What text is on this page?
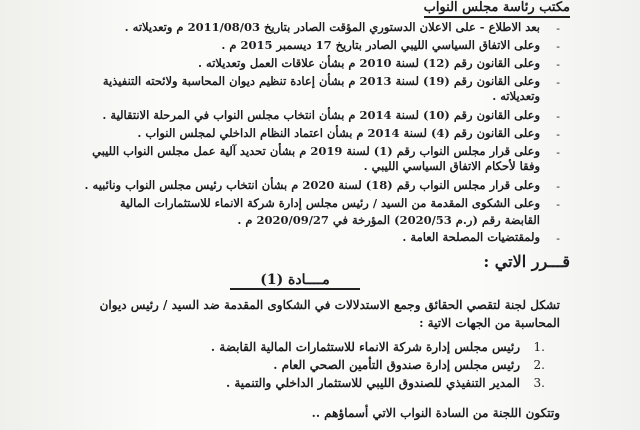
مكتب رئاسة مجلس النواب
-
بعد الاطلاع - على الاعلان الدستوري المؤقت الصادر بتاريخ 2011/08/03 م وتعديلاته .
-
وعلى الاتفاق السياسي الليبي الصادر بتاريخ 17 ديسمبر 2015 م .
-
وعلى القانون رقم (12) لسنة 2010 م بشأن علاقات العمل وتعديلاته .
-
وعلى القانون رقم (19) لسنة 2013 م بشأن إعادة تنظيم ديوان المحاسبة ولائحته التنفيذية
وتعديلاته .
-
وعلى القانون رقم (10) لسنة 2014 م بشأن انتخاب مجلس النواب في المرحلة الانتقالية .
-
وعلى القانون رقم (4) لسنة 2014 م بشأن اعتماد النظام الداخلي لمجلس النواب .
-
وعلى قرار مجلس النواب رقم (1) لسنة 2019 م بشأن تحديد آلية عمل مجلس النواب الليبي
وفقا لأحكام الاتفاق السياسي الليبي .
-
وعلى قرار مجلس النواب رقم (18) لسنة 2020 م بشأن انتخاب رئيس مجلس النواب ونائبيه .
-
وعلى الشكوى المقدمة من السيد / رئيس مجلس إدارة شركة الانماء للاستثمارات المالية
القابضة رقم (ر.م 2020/53) المؤرخة في 2020/09/27 م .
-
ولمقتضيات المصلحة العامة .
قـــرر الاتي :
مــــادة (1)
تشكل لجنة لتقصي الحقائق وجمع الاستدلالات في الشكاوى المقدمة ضد السيد / رئيس ديوان
المحاسبة من الجهات الاتية :
.1
رئيس مجلس إدارة شركة الانماء للاستثمارات المالية القابضة .
.2
رئيس مجلس إدارة صندوق التأمين الصحي العام .
.3
المدير التنفيذي للصندوق الليبي للاستثمار الداخلي والتنمية .
وتتكون اللجنة من السادة النواب الاتي أسماؤهم ..
